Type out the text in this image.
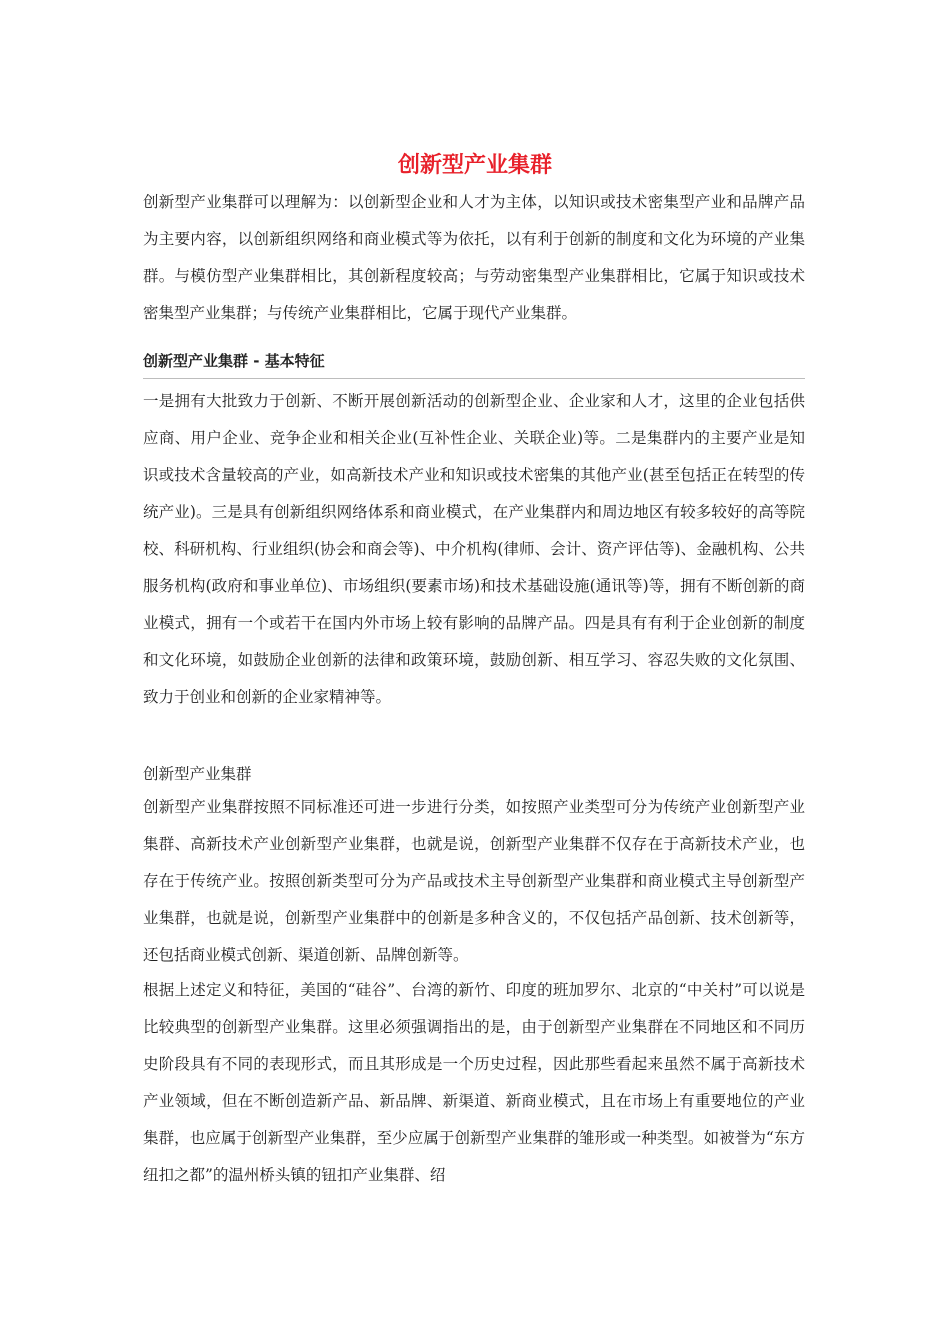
创新型产业集群

创新型产业集群可以理解为：以创新型企业和人才为主体，以知识或技术密集型产业和品牌产品为主要内容，以创新组织网络和商业模式等为依托，以有利于创新的制度和文化为环境的产业集群。与模仿型产业集群相比，其创新程度较高；与劳动密集型产业集群相比，它属于知识或技术密集型产业集群；与传统产业集群相比，它属于现代产业集群。

创新型产业集群 - 基本特征

一是拥有大批致力于创新、不断开展创新活动的创新型企业、企业家和人才，这里的企业包括供应商、用户企业、竞争企业和相关企业(互补性企业、关联企业)等。二是集群内的主要产业是知识或技术含量较高的产业，如高新技术产业和知识或技术密集的其他产业(甚至包括正在转型的传统产业)。三是具有创新组织网络体系和商业模式，在产业集群内和周边地区有较多较好的高等院校、科研机构、行业组织(协会和商会等)、中介机构(律师、会计、资产评估等)、金融机构、公共服务机构(政府和事业单位)、市场组织(要素市场)和技术基础设施(通讯等)等，拥有不断创新的商业模式，拥有一个或若干在国内外市场上较有影响的品牌产品。四是具有有利于企业创新的制度和文化环境，如鼓励企业创新的法律和政策环境，鼓励创新、相互学习、容忍失败的文化氛围、致力于创业和创新的企业家精神等。

创新型产业集群

创新型产业集群按照不同标准还可进一步进行分类，如按照产业类型可分为传统产业创新型产业集群、高新技术产业创新型产业集群，也就是说，创新型产业集群不仅存在于高新技术产业，也存在于传统产业。按照创新类型可分为产品或技术主导创新型产业集群和商业模式主导创新型产业集群，也就是说，创新型产业集群中的创新是多种含义的，不仅包括产品创新、技术创新等，还包括商业模式创新、渠道创新、品牌创新等。

根据上述定义和特征，美国的“硅谷”、台湾的新竹、印度的班加罗尔、北京的“中关村”可以说是比较典型的创新型产业集群。这里必须强调指出的是，由于创新型产业集群在不同地区和不同历史阶段具有不同的表现形式，而且其形成是一个历史过程，因此那些看起来虽然不属于高新技术产业领域，但在不断创造新产品、新品牌、新渠道、新商业模式，且在市场上有重要地位的产业集群，也应属于创新型产业集群，至少应属于创新型产业集群的雏形或一种类型。如被誉为“东方纽扣之都”的温州桥头镇的钮扣产业集群、绍
